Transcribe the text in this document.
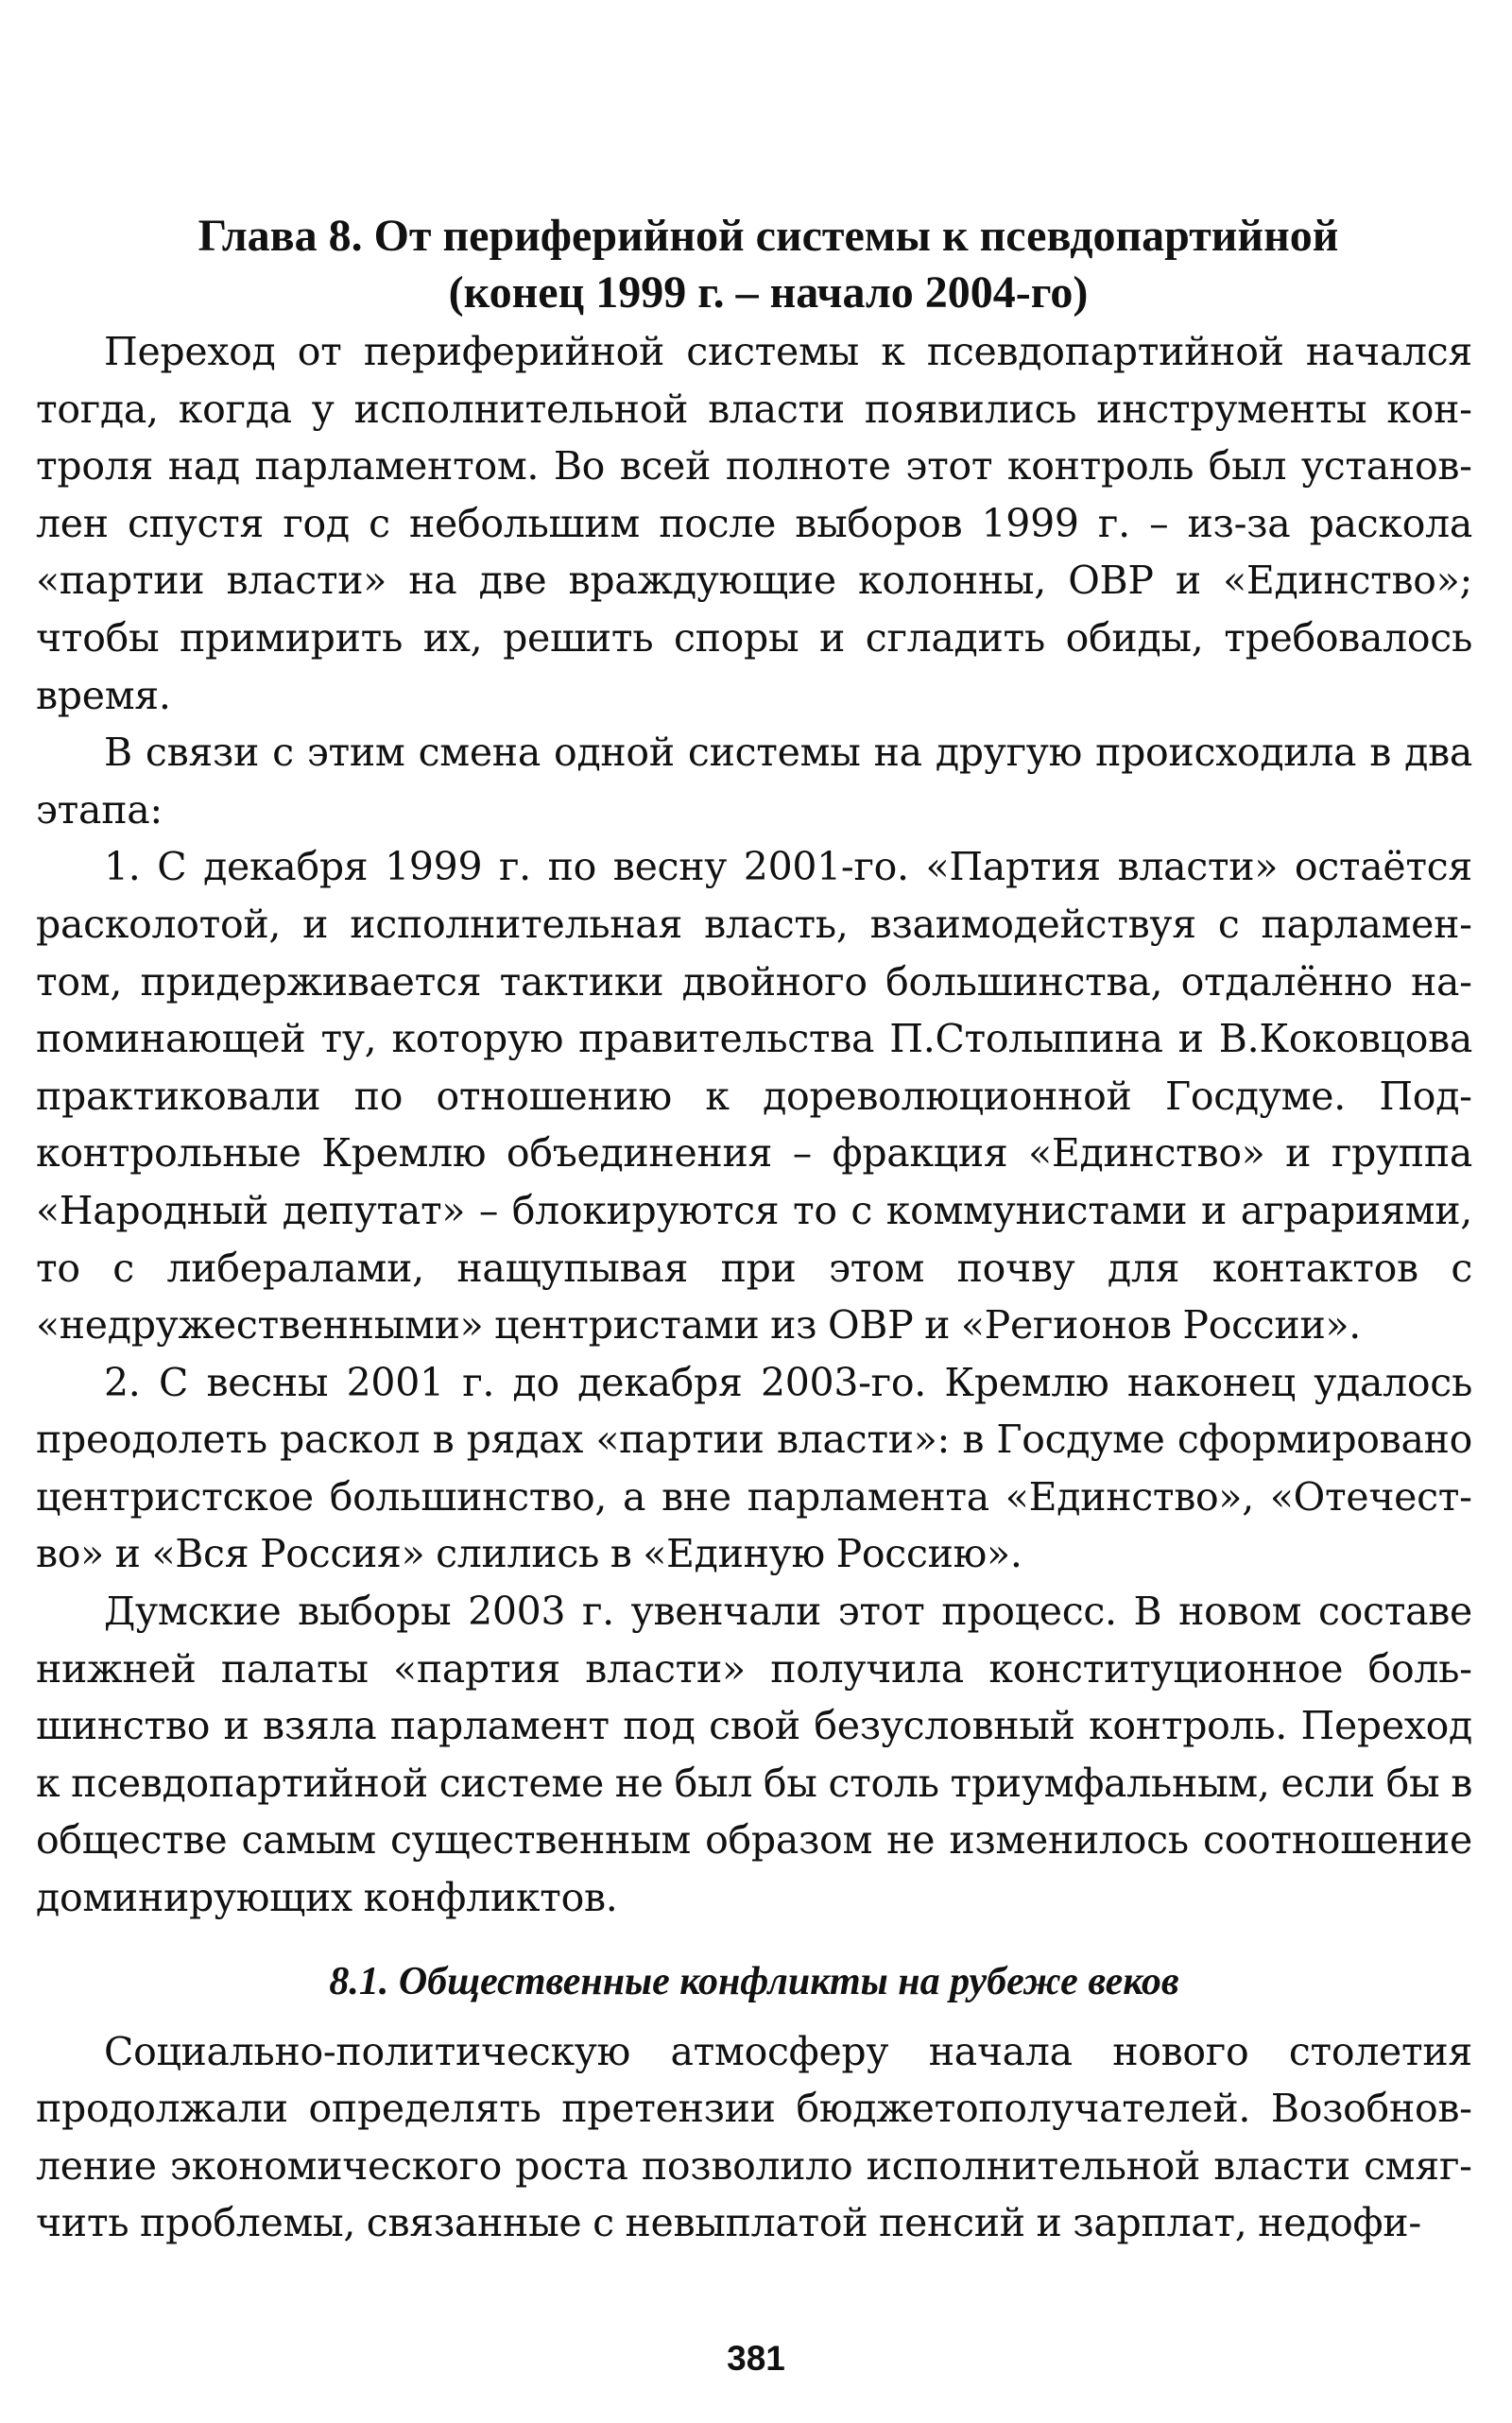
Глава 8. От периферийной системы к псевдопартийной
(конец 1999 г. – начало 2004-го)

Переход от периферийной системы к псевдопартийной начался тогда, когда у исполнительной власти появились инструменты контроля над парламентом. Во всей полноте этот контроль был установлен спустя год с небольшим после выборов 1999 г. – из-за раскола «партии власти» на две враждующие колонны, ОВР и «Единство»; чтобы примирить их, решить споры и сгладить обиды, требовалось время.

В связи с этим смена одной системы на другую происходила в два этапа:

1. С декабря 1999 г. по весну 2001-го. «Партия власти» остаётся расколотой, и исполнительная власть, взаимодействуя с парламентом, придерживается тактики двойного большинства, отдалённо напоминающей ту, которую правительства П.Столыпина и В.Коковцова практиковали по отношению к дореволюционной Госдуме. Подконтрольные Кремлю объединения – фракция «Единство» и группа «Народный депутат» – блокируются то с коммунистами и аграриями, то с либералами, нащупывая при этом почву для контактов с «недружественными» центристами из ОВР и «Регионов России».

2. С весны 2001 г. до декабря 2003-го. Кремлю наконец удалось преодолеть раскол в рядах «партии власти»: в Госдуме сформировано центристское большинство, а вне парламента «Единство», «Отечество» и «Вся Россия» слились в «Единую Россию».

Думские выборы 2003 г. увенчали этот процесс. В новом составе нижней палаты «партия власти» получила конституционное большинство и взяла парламент под свой безусловный контроль. Переход к псевдопартийной системе не был бы столь триумфальным, если бы в обществе самым существенным образом не изменилось соотношение доминирующих конфликтов.

8.1. Общественные конфликты на рубеже веков

Социально-политическую атмосферу начала нового столетия продолжали определять претензии бюджетополучателей. Возобновление экономического роста позволило исполнительной власти смягчить проблемы, связанные с невыплатой пенсий и зарплат, недофи-

381
